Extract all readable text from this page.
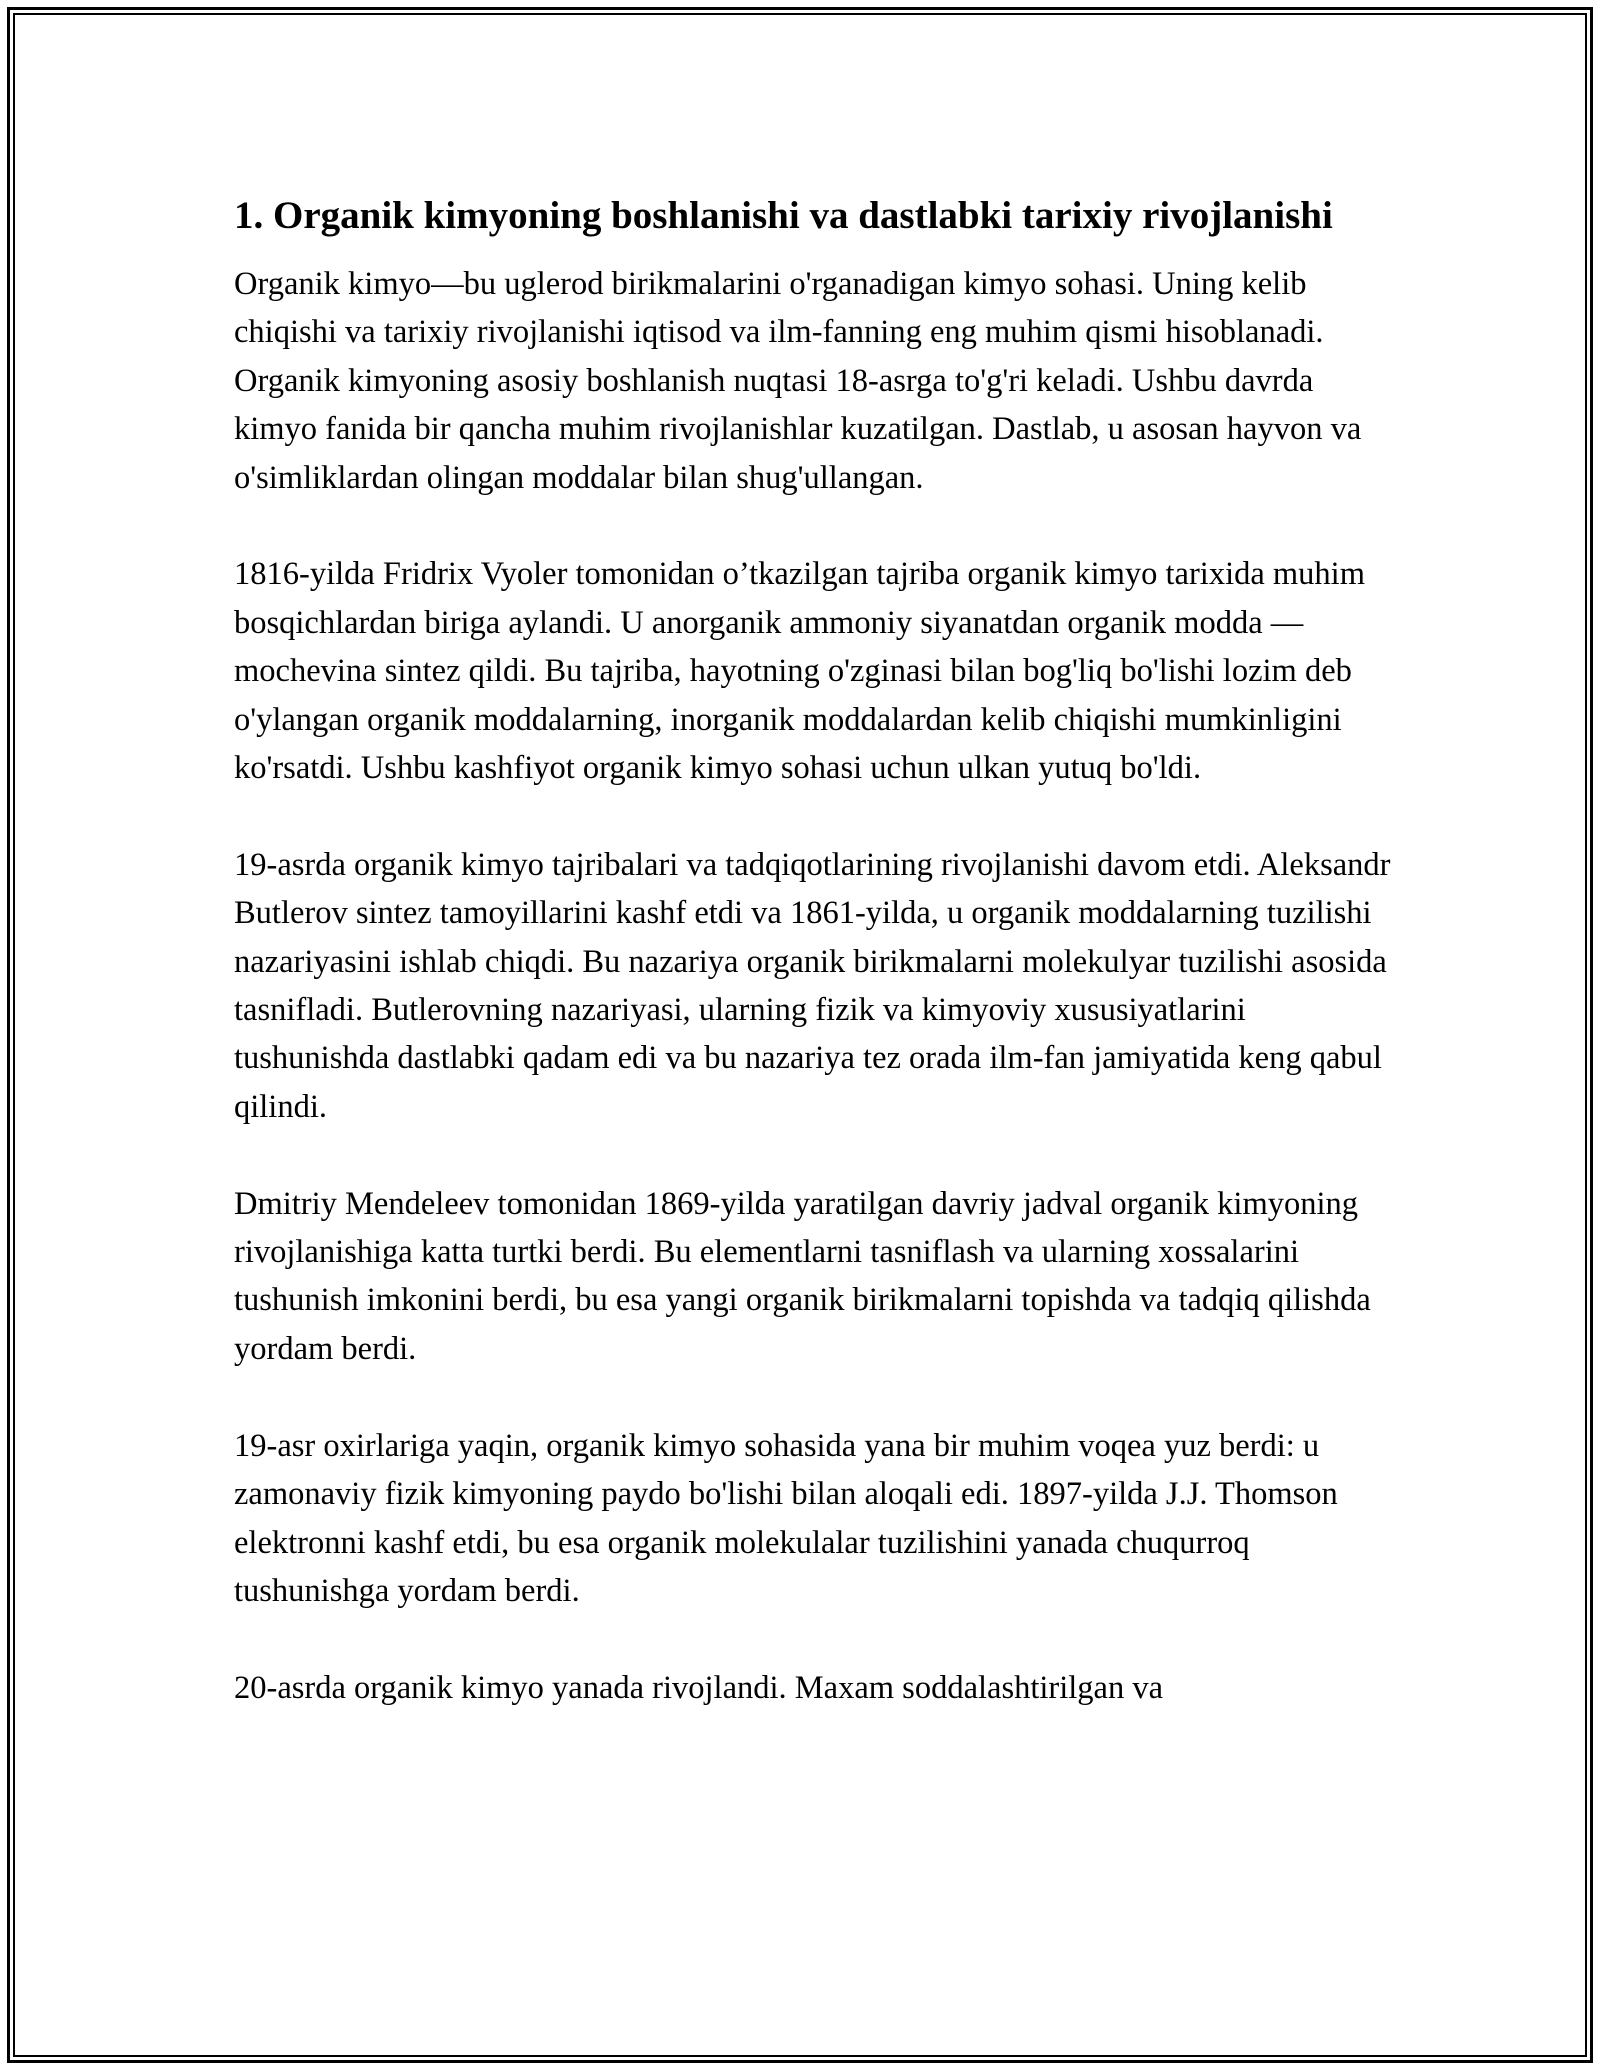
1. Organik kimyoning boshlanishi va dastlabki tarixiy rivojlanishi

Organik kimyo—bu uglerod birikmalarini o'rganadigan kimyo sohasi. Uning kelib chiqishi va tarixiy rivojlanishi iqtisod va ilm-fanning eng muhim qismi hisoblanadi. Organik kimyoning asosiy boshlanish nuqtasi 18-asrga to'g'ri keladi. Ushbu davrda kimyo fanida bir qancha muhim rivojlanishlar kuzatilgan. Dastlab, u asosan hayvon va o'simliklardan olingan moddalar bilan shug'ullangan.

1816-yilda Fridrix Vyoler tomonidan o’tkazilgan tajriba organik kimyo tarixida muhim bosqichlardan biriga aylandi. U anorganik ammoniy siyanatdan organik modda — mochevina sintez qildi. Bu tajriba, hayotning o'zginasi bilan bog'liq bo'lishi lozim deb o'ylangan organik moddalarning, inorganik moddalardan kelib chiqishi mumkinligini ko'rsatdi. Ushbu kashfiyot organik kimyo sohasi uchun ulkan yutuq bo'ldi.

19-asrda organik kimyo tajribalari va tadqiqotlarining rivojlanishi davom etdi. Aleksandr Butlerov sintez tamoyillarini kashf etdi va 1861-yilda, u organik moddalarning tuzilishi nazariyasini ishlab chiqdi. Bu nazariya organik birikmalarni molekulyar tuzilishi asosida tasnifladi. Butlerovning nazariyasi, ularning fizik va kimyoviy xususiyatlarini tushunishda dastlabki qadam edi va bu nazariya tez orada ilm-fan jamiyatida keng qabul qilindi.

Dmitriy Mendeleev tomonidan 1869-yilda yaratilgan davriy jadval organik kimyoning rivojlanishiga katta turtki berdi. Bu elementlarni tasniflash va ularning xossalarini tushunish imkonini berdi, bu esa yangi organik birikmalarni topishda va tadqiq qilishda yordam berdi.

19-asr oxirlariga yaqin, organik kimyo sohasida yana bir muhim voqea yuz berdi: u zamonaviy fizik kimyoning paydo bo'lishi bilan aloqali edi. 1897-yilda J.J. Thomson elektronni kashf etdi, bu esa organik molekulalar tuzilishini yanada chuqurroq tushunishga yordam berdi.

20-asrda organik kimyo yanada rivojlandi. Maxam soddalashtirilgan va
